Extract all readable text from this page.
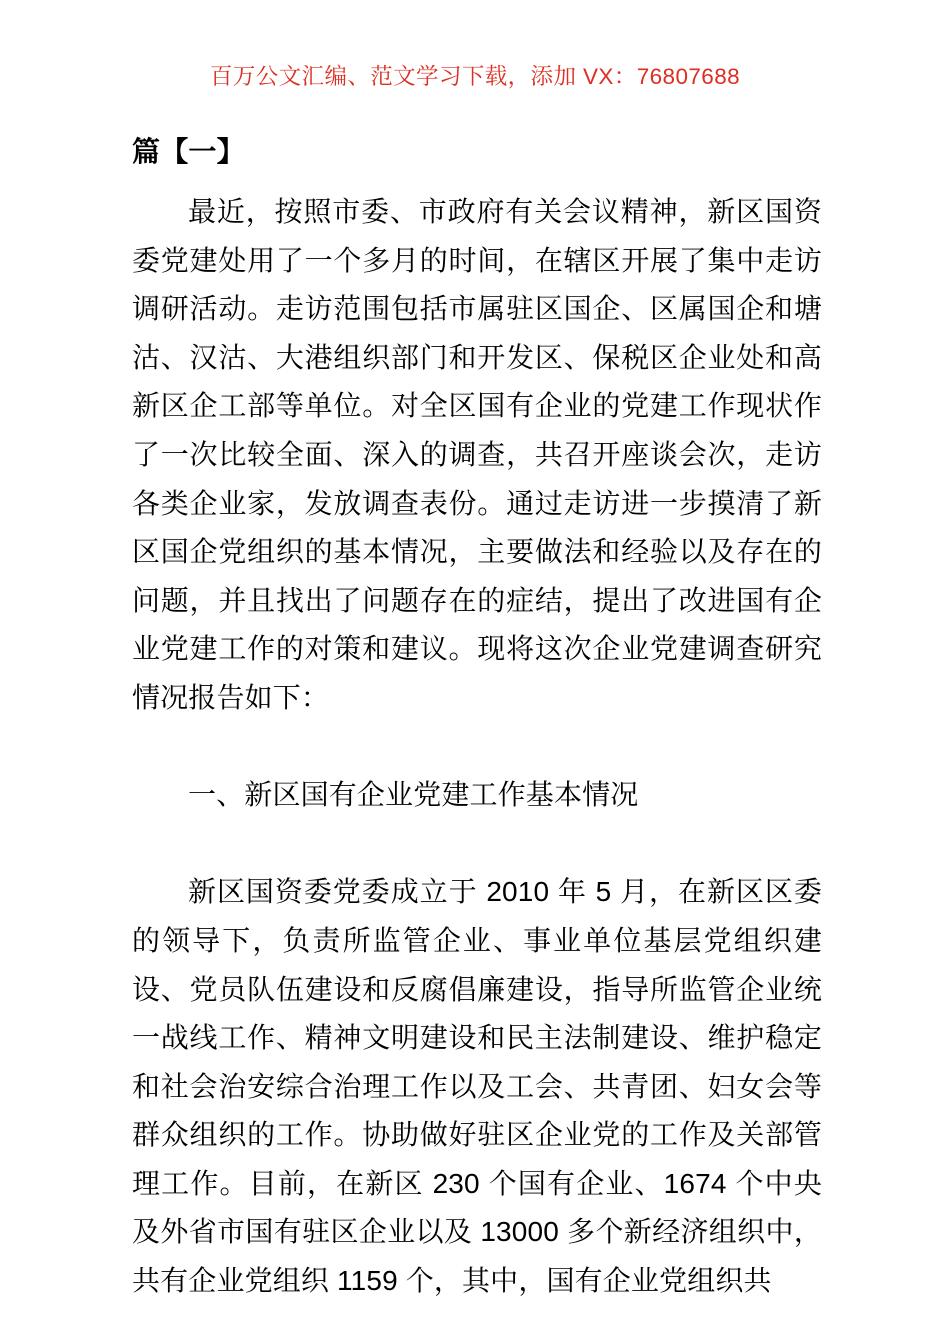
百万公文汇编、范文学习下载，添加 VX：76807688
篇【一】

最近，按照市委、市政府有关会议精神，新区国资委党建处用了一个多月的时间，在辖区开展了集中走访调研活动。走访范围包括市属驻区国企、区属国企和塘沽、汉沽、大港组织部门和开发区、保税区企业处和高新区企工部等单位。对全区国有企业的党建工作现状作了一次比较全面、深入的调查，共召开座谈会次，走访各类企业家，发放调查表份。通过走访进一步摸清了新区国企党组织的基本情况，主要做法和经验以及存在的问题，并且找出了问题存在的症结，提出了改进国有企业党建工作的对策和建议。现将这次企业党建调查研究情况报告如下：

一、新区国有企业党建工作基本情况

新区国资委党委成立于 2010 年 5 月，在新区区委的领导下，负责所监管企业、事业单位基层党组织建设、党员队伍建设和反腐倡廉建设，指导所监管企业统一战线工作、精神文明建设和民主法制建设、维护稳定和社会治安综合治理工作以及工会、共青团、妇女会等群众组织的工作。协助做好驻区企业党的工作及关部管理工作。目前，在新区 230 个国有企业、1674 个中央及外省市国有驻区企业以及 13000 多个新经济组织中，共有企业党组织 1159 个，其中，国有企业党组织共
